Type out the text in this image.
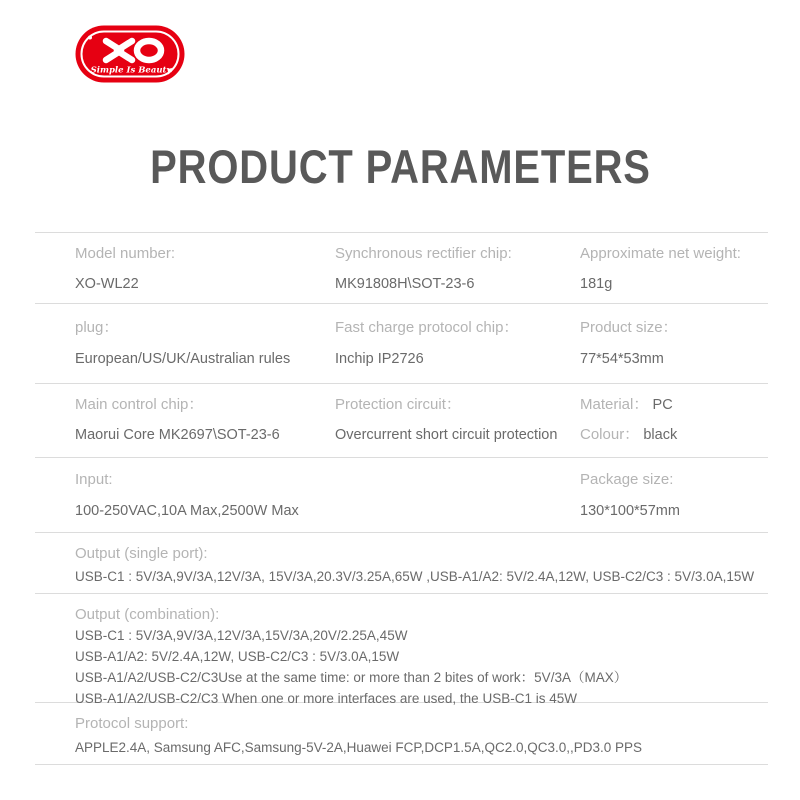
Simple Is Beauty
PRODUCT PARAMETERS
Model number:
XO-WL22
Synchronous rectifier chip:
MK91808H\SOT-23-6
Approximate net weight:
181g
plug：
European/US/UK/Australian rules
Fast charge protocol chip：
Inchip IP2726
Product size：
77*54*53mm
Main control chip：
Maorui Core MK2697\SOT-23-6
Protection circuit：
Overcurrent short circuit protection
Material： PC
Colour： black
Input:
100-250VAC,10A Max,2500W Max
Package size:
130*100*57mm
Output (single port):
USB-C1 : 5V/3A,9V/3A,12V/3A, 15V/3A,20.3V/3.25A,65W ,USB-A1/A2: 5V/2.4A,12W, USB-C2/C3 : 5V/3.0A,15W
Output (combination):
USB-C1 : 5V/3A,9V/3A,12V/3A,15V/3A,20V/2.25A,45W
USB-A1/A2: 5V/2.4A,12W, USB-C2/C3 : 5V/3.0A,15W
USB-A1/A2/USB-C2/C3Use at the same time: or more than 2 bites of work：5V/3A（MAX）
USB-A1/A2/USB-C2/C3 When one or more interfaces are used, the USB-C1 is 45W
Protocol support:
APPLE2.4A, Samsung AFC,Samsung-5V-2A,Huawei FCP,DCP1.5A,QC2.0,QC3.0,,PD3.0 PPS
